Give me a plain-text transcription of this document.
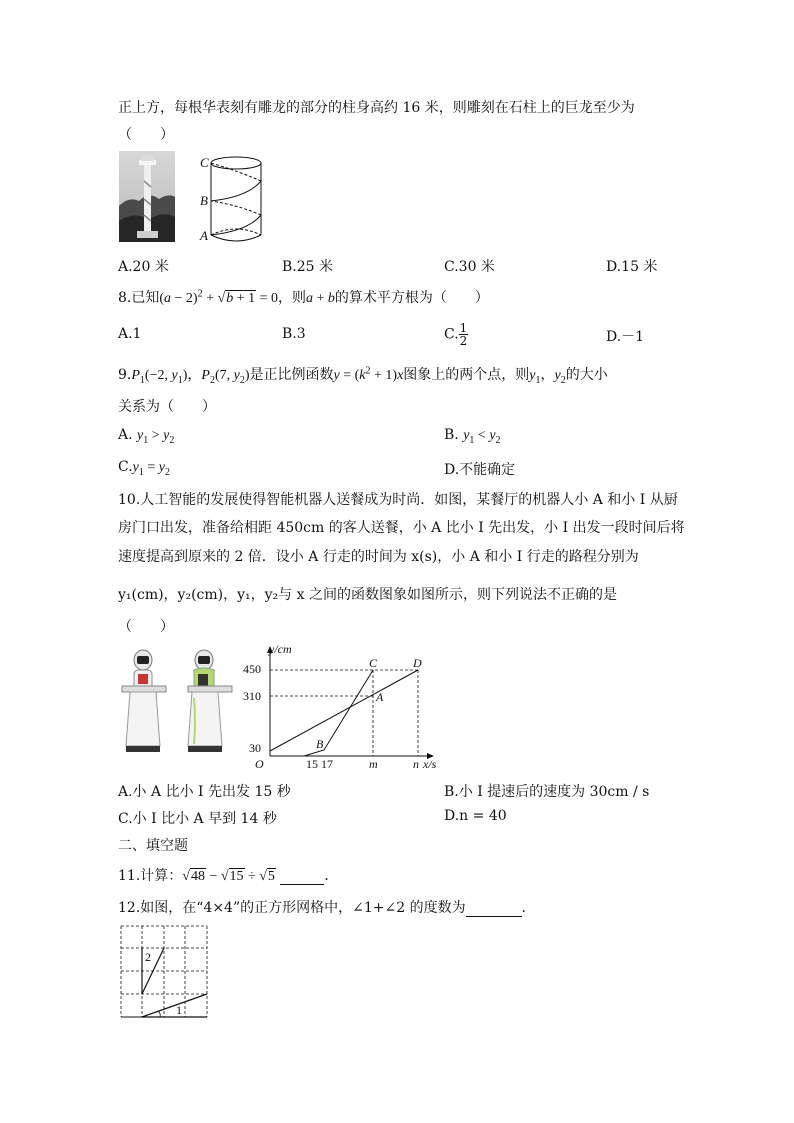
正上方，每根华表刻有雕龙的部分的柱身高约 16 米，则雕刻在石柱上的巨龙至少为
（　　）
C
B
A
A.20 米	B.25 米	C.30 米	D.15 米
8.已知$(a - 2)^2 + √b + 1 = 0$，则a + b的算术平方根为（　　）
A.1	B.3	C. $\frac{1}{2}$	D.－1
$9.P_1(-2$, $y_1$)，$P_2(7$, $y_2$)是正比例函数$y = (k^2 + 1)x$图象上的两个点，则$y_1$，$y_2$的大小
关系为（　　）
A. $y_1 > y_2$	B. $y_1 < y_2$
$C.y_1 = y_2$	D.不能确定
10.人工智能的发展使得智能机器人送餐成为时尚．如图，某餐厅的机器人小 A 和小 I 从厨
房门口出发，准备给相距 450cm 的客人送餐，小 A 比小 I 先出发，小 I 出发一段时间后将
速度提高到原来的 2 倍．设小 A 行走的时间为 x(s)，小 A 和小 I 行走的路程分别为
y₁(cm)，y₂(cm)，y₁，y₂与 x 之间的函数图象如图所示，则下列说法不正确的是
（　　）
y/cm
450
310
30
O	15 17	m	n x/s
C	D
A
B
A.小 A 比小 I 先出发 15 秒	B.小 I 提速后的速度为 30cm / s
C.小 I 比小 A 早到 14 秒	D.n = 40
二、填空题
11.计算：√48 − √15 ÷ √5	．
12.如图，在“4×4”的正方形网格中，∠1+∠2 的度数为	．
2
1
